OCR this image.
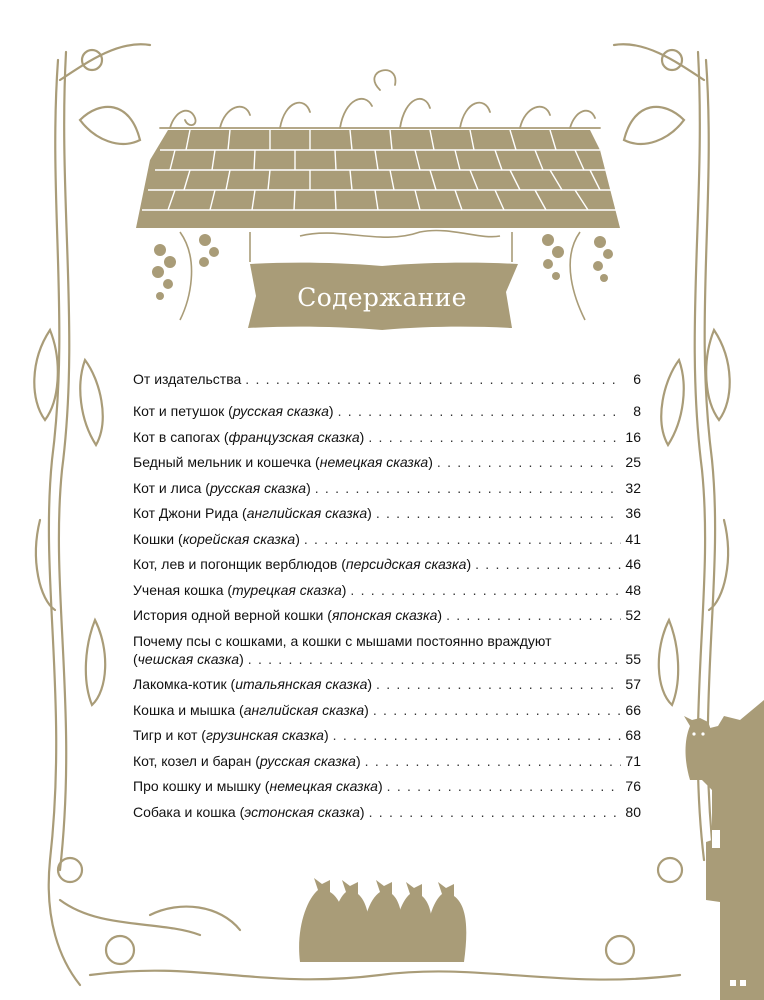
Содержание
От издательства . . .	6
Кот и петушок (русская сказка) . . .	8
Кот в сапогах (французская сказка) . . .	16
Бедный мельник и кошечка (немецкая сказка) . . .	25
Кот и лиса (русская сказка) . . .	32
Кот Джони Рида (английская сказка) . . .	36
Кошки (корейская сказка) . . .	41
Кот, лев и погонщик верблюдов (персидская сказка) . . .	46
Ученая кошка (турецкая сказка) . . .	48
История одной верной кошки (японская сказка) . . .	52
Почему псы с кошками, а кошки с мышами постоянно враждуют
(чешская сказка) . . .	55
Лакомка-котик (итальянская сказка) . . .	57
Кошка и мышка (английская сказка) . . .	66
Тигр и кот (грузинская сказка) . . .	68
Кот, козел и баран (русская сказка) . . .	71
Про кошку и мышку (немецкая сказка) . . .	76
Собака и кошка (эстонская сказка) . . .	80
